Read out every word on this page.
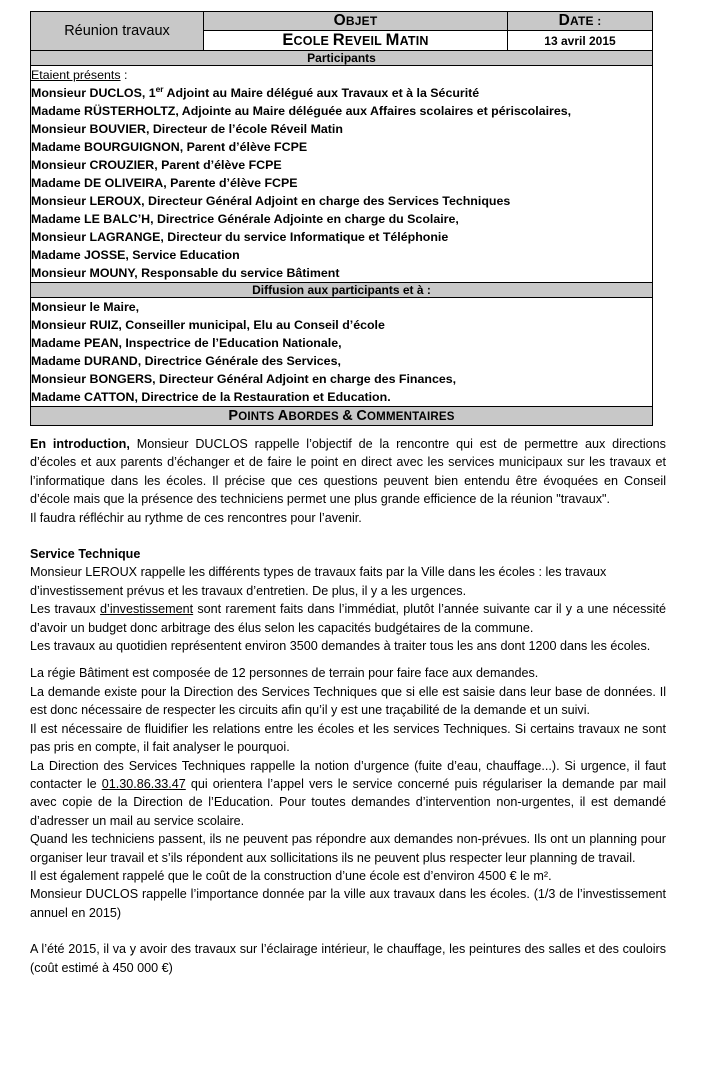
Réunion travaux	OBJET	DATE :
	ECOLE REVEIL MATIN	13 avril 2015
Participants		

Etaient présents :

Monsieur DUCLOS, 1er Adjoint au Maire délégué aux Travaux et à la Sécurité

Madame RÜSTERHOLTZ, Adjointe au Maire déléguée aux Affaires scolaires et périscolaires,

Monsieur BOUVIER, Directeur de l’école Réveil Matin

Madame BOURGUIGNON, Parent d’élève FCPE

Monsieur CROUZIER, Parent d’élève FCPE

Madame DE OLIVEIRA, Parente d’élève FCPE

Monsieur LEROUX, Directeur Général Adjoint en charge des Services Techniques

Madame LE BALC’H, Directrice Générale Adjointe en charge du Scolaire,

Monsieur LAGRANGE, Directeur du service Informatique et Téléphonie

Madame JOSSE, Service Education

Monsieur MOUNY, Responsable du service Bâtiment

Diffusion aux participants et à :		

Monsieur le Maire,

Monsieur RUIZ, Conseiller municipal, Elu au Conseil d’école

Madame PEAN, Inspectrice de l’Education Nationale,

Madame DURAND, Directrice Générale des Services,

Monsieur BONGERS, Directeur Général Adjoint en charge des Finances,

Madame CATTON, Directrice de la Restauration et Education.

POINTS ABORDES & COMMENTAIRES		

En introduction, Monsieur DUCLOS rappelle l’objectif de la rencontre qui est de permettre aux directions d’écoles et aux parents d’échanger et de faire le point en direct avec les services municipaux sur les travaux et l’informatique dans les écoles. Il précise que ces questions peuvent bien entendu être évoquées en Conseil d’école mais que la présence des techniciens permet une plus grande efficience de la réunion "travaux".

Il faudra réfléchir au rythme de ces rencontres pour l’avenir.

Service Technique

Monsieur LEROUX rappelle les différents types de travaux faits par la Ville dans les écoles : les travaux d’investissement prévus et les travaux d’entretien. De plus, il y a les urgences.

Les travaux d’investissement sont rarement faits dans l’immédiat, plutôt l’année suivante car il y a une nécessité d’avoir un budget donc arbitrage des élus selon les capacités budgétaires de la commune.

Les travaux au quotidien représentent environ 3500 demandes à traiter tous les ans dont 1200 dans les écoles.

La régie Bâtiment est composée de 12 personnes de terrain pour faire face aux demandes.

La demande existe pour la Direction des Services Techniques que si elle est saisie dans leur base de données. Il est donc nécessaire de respecter les circuits afin qu’il y est une traçabilité de la demande et un suivi.

Il est nécessaire de fluidifier les relations entre les écoles et les services Techniques. Si certains travaux ne sont pas pris en compte, il fait analyser le pourquoi.

La Direction des Services Techniques rappelle la notion d’urgence (fuite d’eau, chauffage...). Si urgence, il faut contacter le 01.30.86.33.47 qui orientera l’appel vers le service concerné puis régulariser la demande par mail avec copie de la Direction de l’Education. Pour toutes demandes d’intervention non-urgentes, il est demandé d’adresser un mail au service scolaire.

Quand les techniciens passent, ils ne peuvent pas répondre aux demandes non-prévues. Ils ont un planning pour organiser leur travail et s’ils répondent aux sollicitations ils ne peuvent plus respecter leur planning de travail.

Il est également rappelé que le coût de la construction d’une école est d’environ 4500 € le m².

Monsieur DUCLOS rappelle l’importance donnée par la ville aux travaux dans les écoles. (1/3 de l’investissement annuel en 2015)

A l’été 2015, il va y avoir des travaux sur l’éclairage intérieur, le chauffage, les peintures des salles et des couloirs (coût estimé à 450 000 €)
